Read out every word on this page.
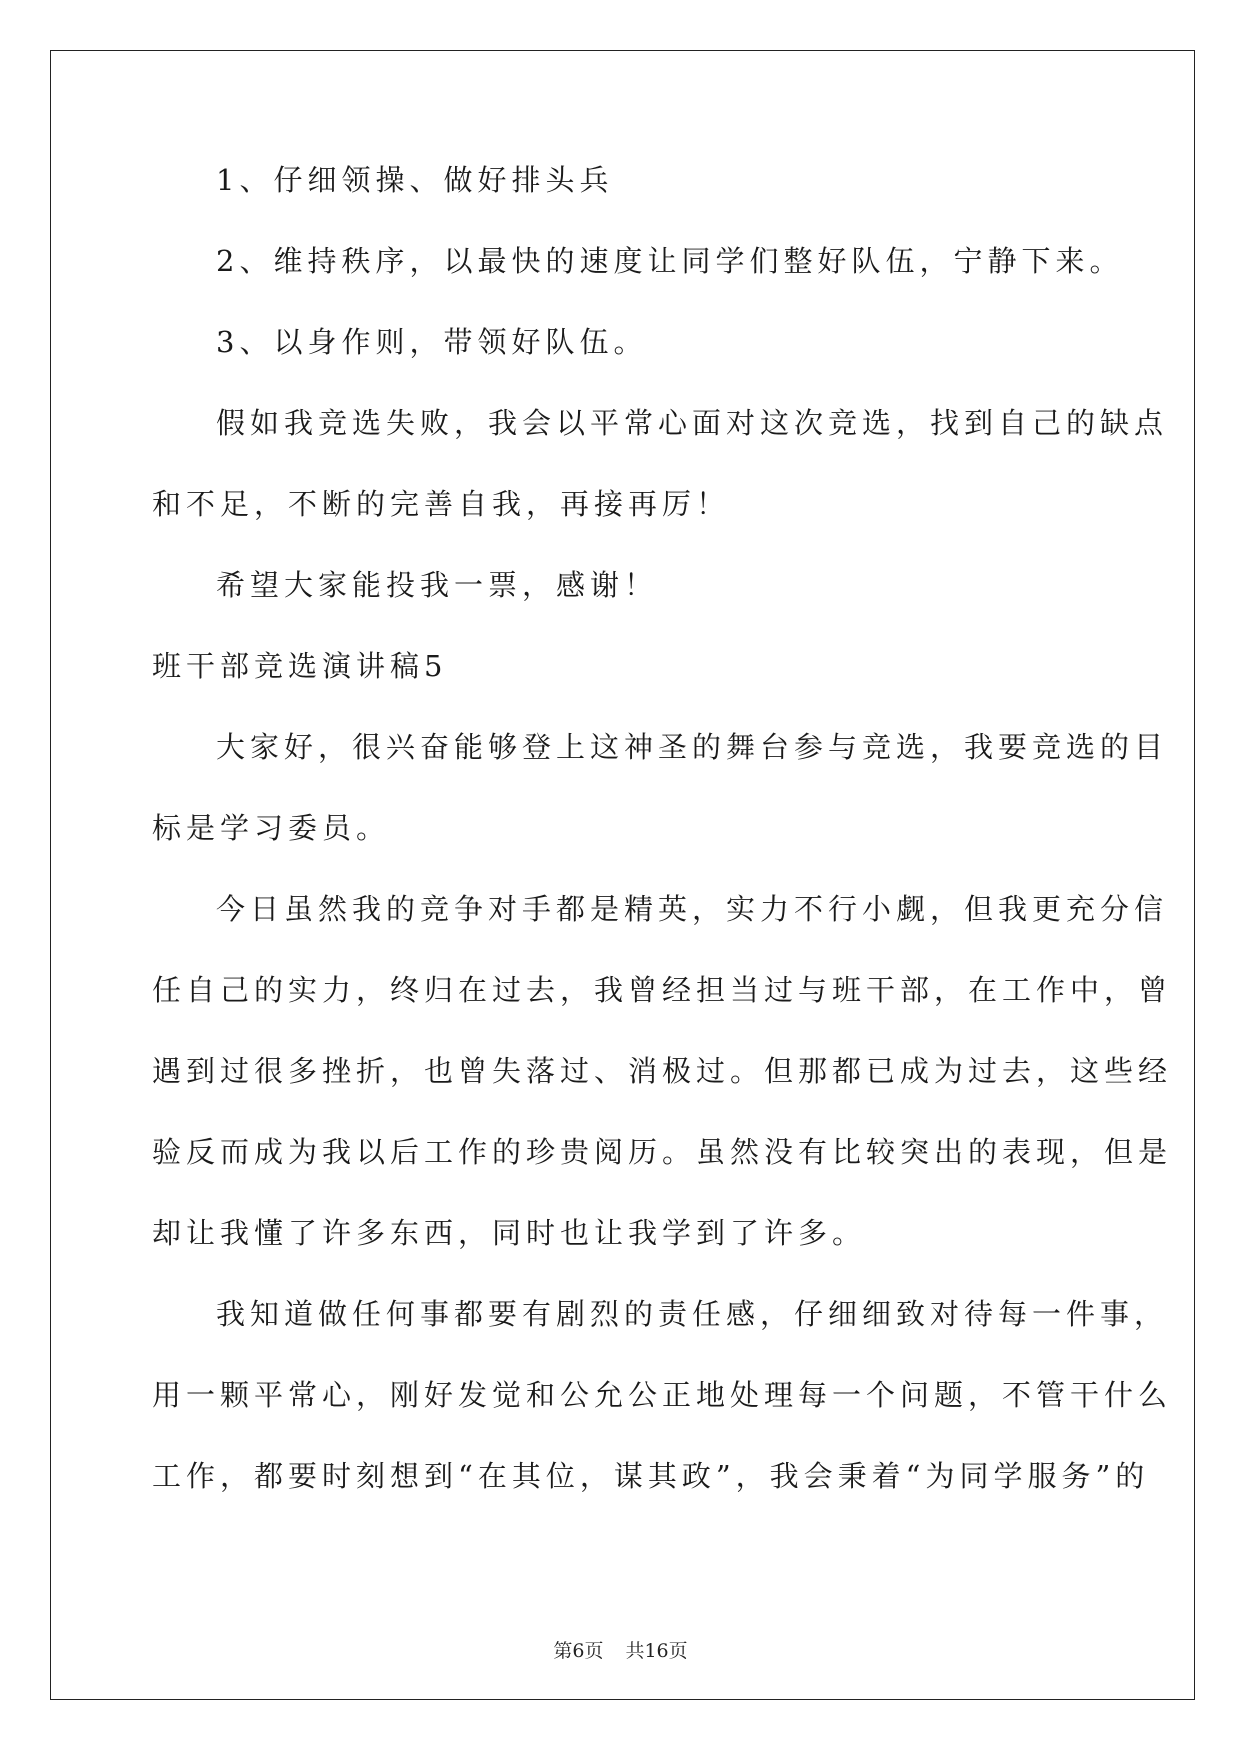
1、仔细领操、做好排头兵
2、维持秩序，以最快的速度让同学们整好队伍，宁静下来。
3、以身作则，带领好队伍。
假如我竞选失败，我会以平常心面对这次竞选，找到自己的缺点
和不足，不断的完善自我，再接再厉！
希望大家能投我一票，感谢！
班干部竞选演讲稿5
大家好，很兴奋能够登上这神圣的舞台参与竞选，我要竞选的目
标是学习委员。
今日虽然我的竞争对手都是精英，实力不行小觑，但我更充分信
任自己的实力，终归在过去，我曾经担当过与班干部，在工作中，曾
遇到过很多挫折，也曾失落过、消极过。但那都已成为过去，这些经
验反而成为我以后工作的珍贵阅历。虽然没有比较突出的表现，但是
却让我懂了许多东西，同时也让我学到了许多。
我知道做任何事都要有剧烈的责任感，仔细细致对待每一件事，
用一颗平常心，刚好发觉和公允公正地处理每一个问题，不管干什么
工作，都要时刻想到“在其位，谋其政”，我会秉着“为同学服务”的
第6页 共16页
